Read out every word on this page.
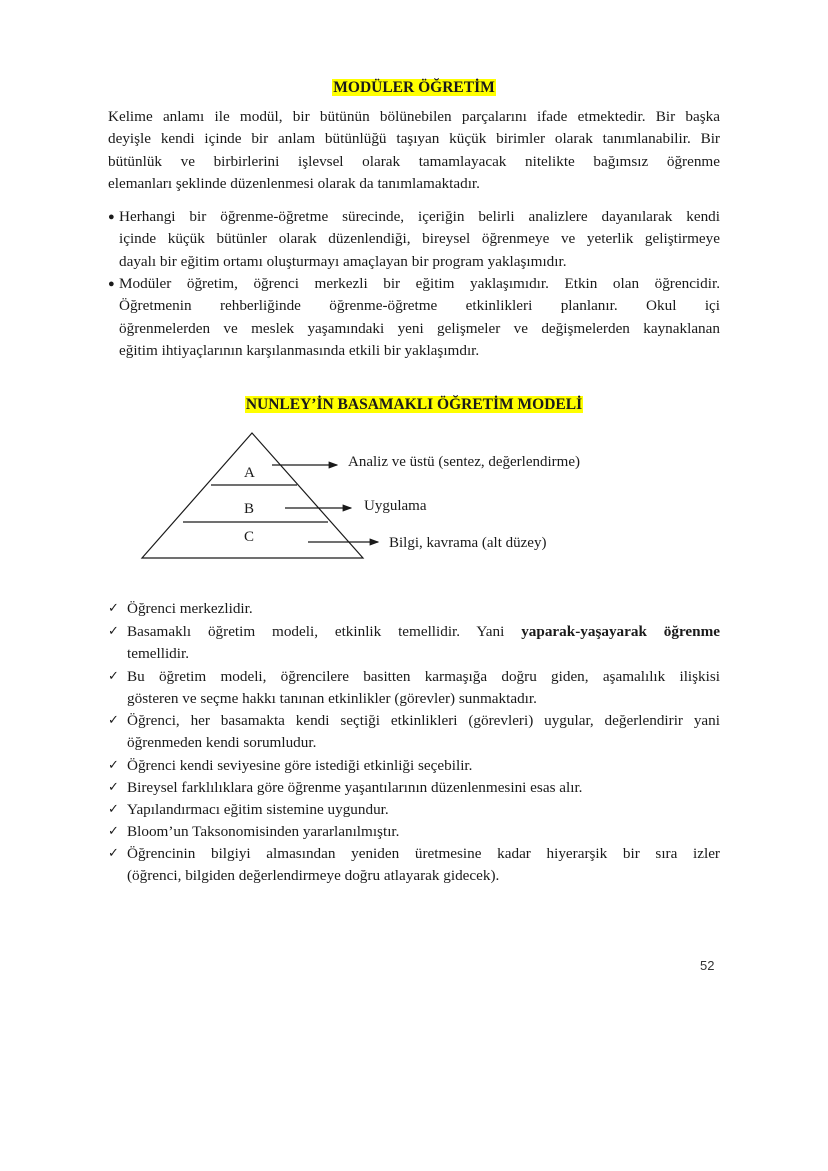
MODÜLER ÖĞRETİM
Kelime anlamı ile modül, bir bütünün bölünebilen parçalarını ifade etmektedir. Bir başka
deyişle kendi içinde bir anlam bütünlüğü taşıyan küçük birimler olarak tanımlanabilir. Bir
bütünlük ve birbirlerini işlevsel olarak tamamlayacak nitelikte bağımsız öğrenme
elemanları şeklinde düzenlenmesi olarak da tanımlamaktadır.
● Herhangi bir öğrenme-öğretme sürecinde, içeriğin belirli analizlere dayanılarak kendi
içinde küçük bütünler olarak düzenlendiği, bireysel öğrenmeye ve yeterlik geliştirmeye
dayalı bir eğitim ortamı oluşturmayı amaçlayan bir program yaklaşımıdır.
● Modüler öğretim, öğrenci merkezli bir eğitim yaklaşımıdır. Etkin olan öğrencidir.
Öğretmenin rehberliğinde öğrenme-öğretme etkinlikleri planlanır. Okul içi
öğrenmelerden ve meslek yaşamındaki yeni gelişmeler ve değişmelerden kaynaklanan
eğitim ihtiyaçlarının karşılanmasında etkili bir yaklaşımdır.
NUNLEY’İN BASAMAKLI ÖĞRETİM MODELİ
A
B
C
Analiz ve üstü (sentez, değerlendirme)
Uygulama
Bilgi, kavrama (alt düzey)
✓ Öğrenci merkezlidir.
✓ Basamaklı öğretim modeli, etkinlik temellidir. Yani yaparak-yaşayarak öğrenme
temellidir.
✓ Bu öğretim modeli, öğrencilere basitten karmaşığa doğru giden, aşamalılık ilişkisi
gösteren ve seçme hakkı tanınan etkinlikler (görevler) sunmaktadır.
✓ Öğrenci, her basamakta kendi seçtiği etkinlikleri (görevleri) uygular, değerlendirir yani
öğrenmeden kendi sorumludur.
✓ Öğrenci kendi seviyesine göre istediği etkinliği seçebilir.
✓ Bireysel farklılıklara göre öğrenme yaşantılarının düzenlenmesini esas alır.
✓ Yapılandırmacı eğitim sistemine uygundur.
✓ Bloom’un Taksonomisinden yararlanılmıştır.
✓ Öğrencinin bilgiyi almasından yeniden üretmesine kadar hiyerarşik bir sıra izler
(öğrenci, bilgiden değerlendirmeye doğru atlayarak gidecek).
52
